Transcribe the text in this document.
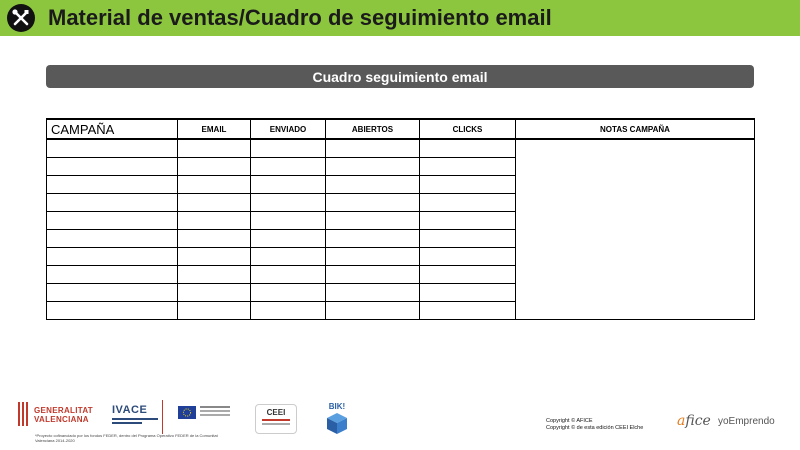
Material de ventas/Cuadro de seguimiento email
Cuadro seguimiento email
CAMPAÑA	EMAIL	ENVIADO	ABIERTOS	CLICKS	NOTAS CAMPAÑA

GENERALITAT
VALENCIANA
IVACE	CEEI
BIK!
*Proyecto cofinanciado por los fondos FEDER, dentro del Programa Operativo FEDER de la Comunitat Valenciana 2014-2020
Copyright © AFICE
Copyright © de esta edición CEEI Elche afice yoEmprendo
